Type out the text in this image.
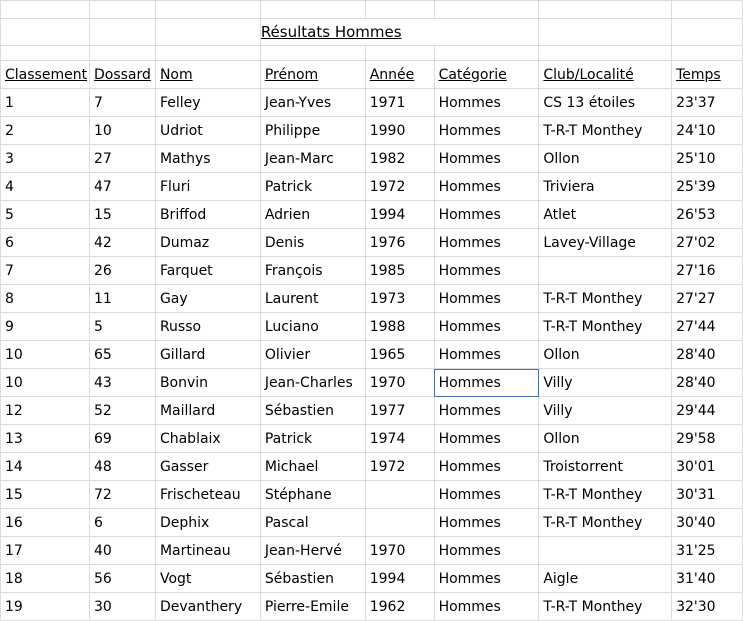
			Résultats Hommes				

Classement	Dossard	Nom	Prénom	Année	Catégorie	Club/Localité	Temps
1	7	Felley	Jean-Yves	1971	Hommes	CS 13 étoiles	23'37
2	10	Udriot	Philippe	1990	Hommes	T-R-T Monthey	24'10
3	27	Mathys	Jean-Marc	1982	Hommes	Ollon	25'10
4	47	Fluri	Patrick	1972	Hommes	Triviera	25'39
5	15	Briffod	Adrien	1994	Hommes	Atlet	26'53
6	42	Dumaz	Denis	1976	Hommes	Lavey-Village	27'02
7	26	Farquet	François	1985	Hommes		27'16
8	11	Gay	Laurent	1973	Hommes	T-R-T Monthey	27'27
9	5	Russo	Luciano	1988	Hommes	T-R-T Monthey	27'44
10	65	Gillard	Olivier	1965	Hommes	Ollon	28'40
10	43	Bonvin	Jean-Charles	1970	Hommes	Villy	28'40
12	52	Maillard	Sébastien	1977	Hommes	Villy	29'44
13	69	Chablaix	Patrick	1974	Hommes	Ollon	29'58
14	48	Gasser	Michael	1972	Hommes	Troistorrent	30'01
15	72	Frischeteau	Stéphane		Hommes	T-R-T Monthey	30'31
16	6	Dephix	Pascal		Hommes	T-R-T Monthey	30'40
17	40	Martineau	Jean-Hervé	1970	Hommes		31'25
18	56	Vogt	Sébastien	1994	Hommes	Aigle	31'40
19	30	Devanthery	Pierre-Emile	1962	Hommes	T-R-T Monthey	32'30
